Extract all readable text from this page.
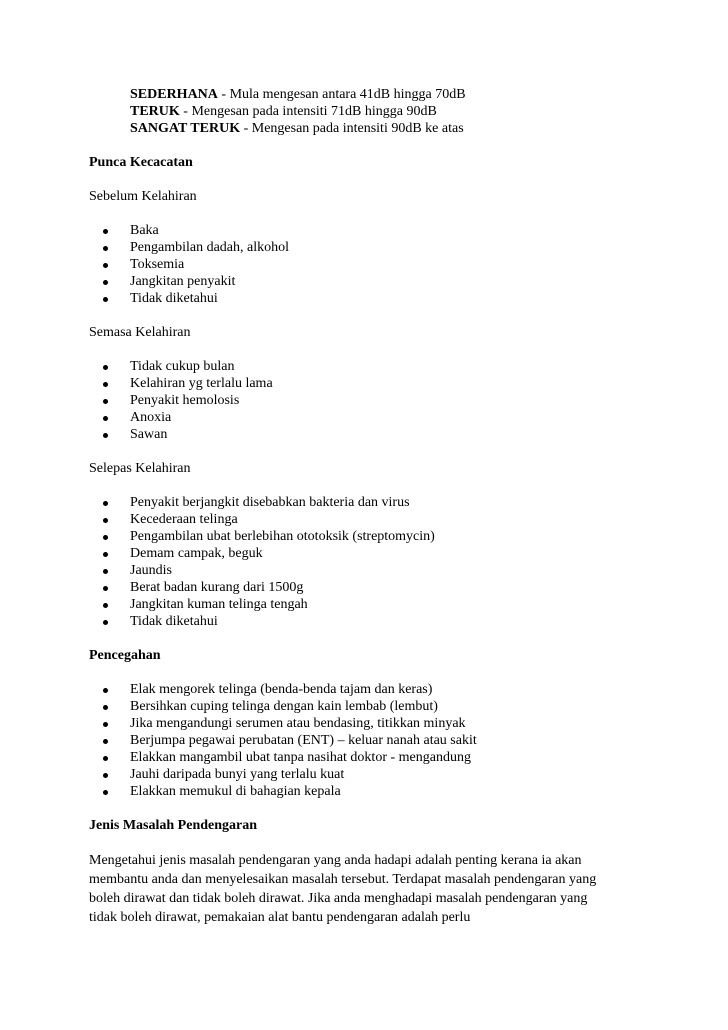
SEDERHANA - Mula mengesan antara 41dB hingga 70dB
TERUK - Mengesan pada intensiti 71dB hingga 90dB
SANGAT TERUK - Mengesan pada intensiti 90dB ke atas

Punca Kecacatan

Sebelum Kelahiran

Baka
Pengambilan dadah, alkohol
Toksemia
Jangkitan penyakit
Tidak diketahui

Semasa Kelahiran

Tidak cukup bulan
Kelahiran yg terlalu lama
Penyakit hemolosis
Anoxia
Sawan

Selepas Kelahiran

Penyakit berjangkit disebabkan bakteria dan virus
Kecederaan telinga
Pengambilan ubat berlebihan ototoksik (streptomycin)
Demam campak, beguk
Jaundis
Berat badan kurang dari 1500g
Jangkitan kuman telinga tengah
Tidak diketahui

Pencegahan

Elak mengorek telinga (benda-benda tajam dan keras)
Bersihkan cuping telinga dengan kain lembab (lembut)
Jika mengandungi serumen atau bendasing, titikkan minyak
Berjumpa pegawai perubatan (ENT) – keluar nanah atau sakit
Elakkan mangambil ubat tanpa nasihat doktor - mengandung
Jauhi daripada bunyi yang terlalu kuat
Elakkan memukul di bahagian kepala

Jenis Masalah Pendengaran

Mengetahui jenis masalah pendengaran yang anda hadapi adalah penting kerana ia akan
membantu anda dan menyelesaikan masalah tersebut. Terdapat masalah pendengaran yang
boleh dirawat dan tidak boleh dirawat. Jika anda menghadapi masalah pendengaran yang
tidak boleh dirawat, pemakaian alat bantu pendengaran adalah perlu
